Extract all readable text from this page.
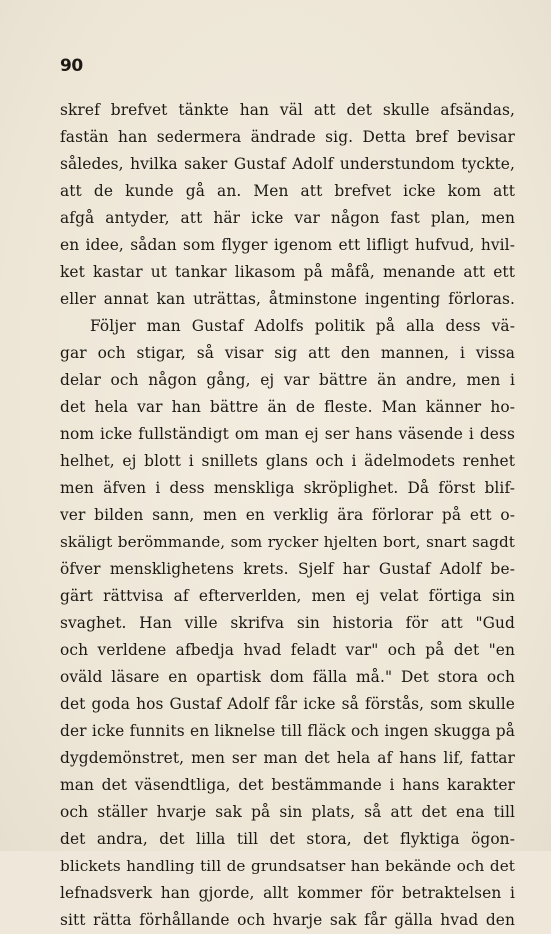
90
skref brefvet tänkte han väl att det skulle afsändas,
fastän han sedermera ändrade sig. Detta bref bevisar
således, hvilka saker Gustaf Adolf understundom tyckte,
att de kunde gå an. Men att brefvet icke kom att
afgå antyder, att här icke var någon fast plan, men
en idee, sådan som flyger igenom ett lifligt hufvud, hvil-
ket kastar ut tankar likasom på måfå, menande att ett
eller annat kan uträttas, åtminstone ingenting förloras.
Följer man Gustaf Adolfs politik på alla dess vä-
gar och stigar, så visar sig att den mannen, i vissa
delar och någon gång, ej var bättre än andre, men i
det hela var han bättre än de fleste. Man känner ho-
nom icke fullständigt om man ej ser hans väsende i dess
helhet, ej blott i snillets glans och i ädelmodets renhet
men äfven i dess menskliga skröplighet. Då först blif-
ver bilden sann, men en verklig ära förlorar på ett o-
skäligt berömmande, som rycker hjelten bort, snart sagdt
öfver mensklighetens krets. Sjelf har Gustaf Adolf be-
gärt rättvisa af efterverlden, men ej velat förtiga sin
svaghet. Han ville skrifva sin historia för att "Gud
och verldene afbedja hvad feladt var" och på det "en
oväld läsare en opartisk dom fälla må." Det stora och
det goda hos Gustaf Adolf får icke så förstås, som skulle
der icke funnits en liknelse till fläck och ingen skugga på
dygdemönstret, men ser man det hela af hans lif, fattar
man det väsendtliga, det bestämmande i hans karakter
och ställer hvarje sak på sin plats, så att det ena till
det andra, det lilla till det stora, det flyktiga ögon-
blickets handling till de grundsatser han bekände och det
lefnadsverk han gjorde, allt kommer för betraktelsen i
sitt rätta förhållande och hvarje sak får gälla hvad den
